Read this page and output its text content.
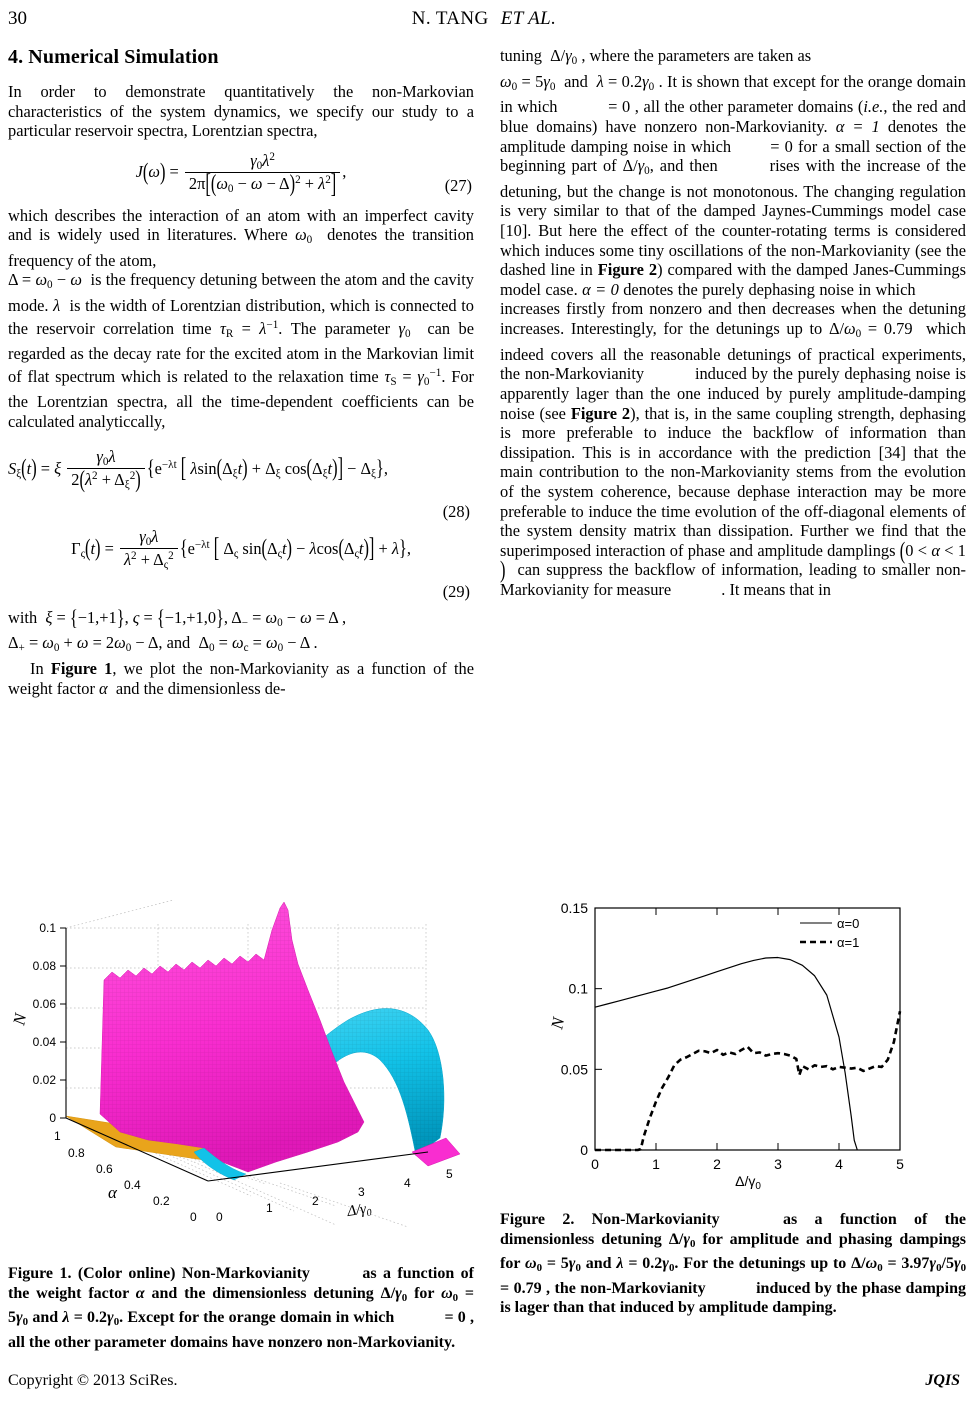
30	N. TANG ET AL.
4. Numerical Simulation

In order to demonstrate quantitatively the non-Markovian characteristics of the system dynamics, we specify our study to a particular reservoir spectra, Lorentzian spectra,

$J(\omega) = \frac{\gamma_0\lambda^2}{2\pi[(\omega_0 - \omega - \Delta)^2 + \lambda^2]}$ ,
(27)

which describes the interaction of an atom with an imperfect cavity and is widely used in literatures. Where $\omega_0$ denotes the transition frequency of the atom,
$\Delta = \omega_0 - \omega$ is the frequency detuning between the atom and the cavity mode. λ is the width of Lorentzian distribution, which is connected to the reservoir correlation time $\tau_R = \lambda^{-1}$. The parameter $\gamma_0$ can be regarded as the decay rate for the excited atom in the Markovian limit of flat spectrum which is related to the relaxation time $\tau_S = \gamma_0^{-1}$. For the Lorentzian spectra, all the time-dependent coefficients can be calculated analyticcally,

$S_\xi(t) = \xi \frac{\gamma_0\lambda}{2(\lambda^2 + \Delta_\xi^2)} \{e^{-\lambda t}$ [ $\lambda\sin(\Delta_\xi t) + \Delta_\xi$ $\cos(\Delta_\xi t)] - \Delta_\xi$},
(28)
$\Gamma_\varsigma(t) = \frac{\gamma_0\lambda}{\lambda^2 + \Delta_\varsigma^2} \{e^{-\lambda t}$ [ $\Delta_\varsigma$ $\sin(\Delta_\varsigma t) - \lambda\cos(\Delta_\varsigma t)] + \lambda$},
(29)

with ξ = {−1,+1}, ς = {−1,+1,0}, $\Delta_- = \omega_0 - \omega = \Delta$ ,
$\Delta_+ = \omega_0 + \omega = 2\omega_0 - \Delta$, and $\Delta_0 = \omega_c = \omega_0 - \Delta$ .

In Figure 1, we plot the non-Markovianity as a function of the weight factor α  and the dimensionless de-

tuning $\Delta/\gamma_0$ , where the parameters are taken as
$\omega_0 = 5\gamma_0$ and $\lambda = 0.2\gamma_0$ . It is shown that except for the orange domain in which	= 0 , all the other parameter domains (i.e., the red and blue domains) have nonzero non-Markovianity. α = 1 denotes the amplitude damping noise in which = 0 for a small section of the beginning part of $\Delta/\gamma_0$, and then	rises with the increase of the detuning, but the change is not monotonous. The changing regulation is very similar to that of the damped Jaynes-Cummings model case [10]. But here the effect of the counter-rotating terms is considered which induces some tiny oscillations of the non-Markovianity (see the dashed line in Figure 2) compared with the damped Janes-Cummings model case. α = 0 denotes the purely dephasing noise in which increases firstly from nonzero and then decreases when the detuning increases. Interestingly, for the detunings up to $\Delta/\omega_0 = 0.79$ which indeed covers all the reasonable detunings of practical experiments, the non-Markovianity	induced by the purely dephasing noise is apparently lager than the one induced by purely amplitude-damping noise (see Figure 2), that is, in the same coupling strength, dephasing is more preferable to induce the backflow of information than dissipation. This is in accordance with the prediction [34] that the main contribution to the non-Markovianity stems from the evolution of the system coherence, because dephase interaction may be more preferable to induce the time evolution of the off-diagonal elements of the system density matrix than dissipation. Further we find that the superimposed interaction of phase and amplitude damplings (0 < α < 1) can suppress the backflow of information, leading to smaller non-Markovianity for measure	. It means that in

0.1
0.08
0.06
0.04
0.02
0
N
1
0.8
0.6
0.4
0.2
0
α
0
1	2
3
4
5
$\Delta/\gamma_0$
Figure 1. (Color online) Non-Markovianity	as a function of the weight factor α and the dimensionless detuning $\Delta/\gamma_0$ for $\omega_0 = 5\gamma_0$ and $\lambda = 0.2\gamma_0$. Except for the orange domain in which	= 0 , all the other parameter domains have nonzero non-Markovianity.
0
0.05
0.1
0.15
0	1	2	3	4	5
α=0
α=1
N
$\Delta/\gamma_0$
Figure 2. Non-Markovianity	as a function of the dimensionless detuning $\Delta/\gamma_0$ for amplitude and phasing dampings for $\omega_0 = 5\gamma_0$ and $\lambda = 0.2\gamma_0$. For the detunings up to $\Delta/\omega_0 = 3.97\gamma_0/5\gamma_0 = 0.79$ , the non-Markovianity	induced by the phase damping is lager than that induced by amplitude damping.
Copyright © 2013 SciRes.	JQIS
